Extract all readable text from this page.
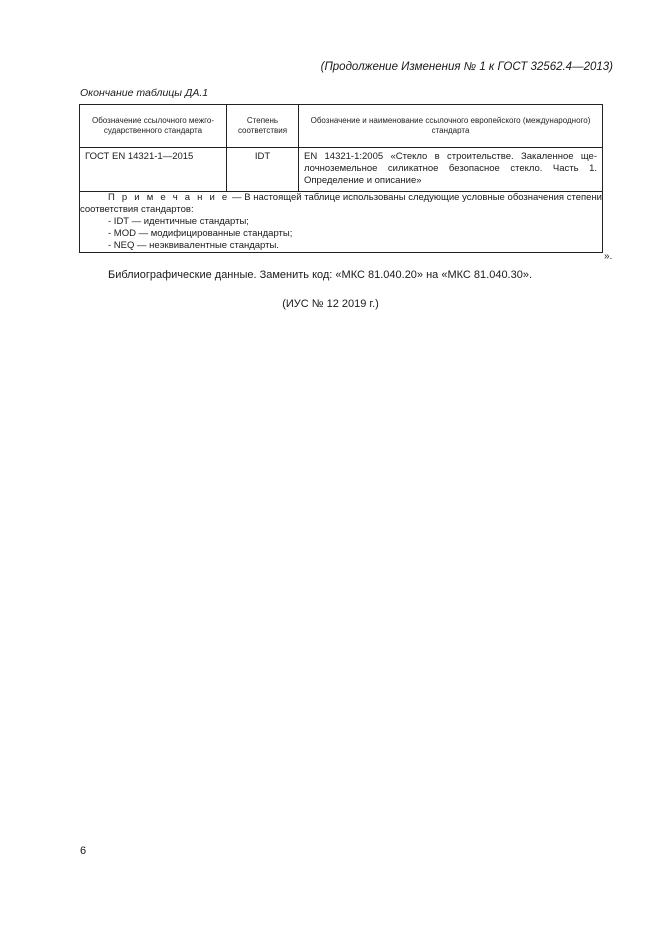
(Продолжение Изменения № 1 к ГОСТ 32562.4—2013)
Окончание таблицы ДА.1
Обозначение ссылочного межго-сударственного стандарта	Степень соответствия	Обозначение и наименование ссылочного европейского (международного) стандарта
ГОСТ EN 14321-1—2015	IDT	EN 14321-1:2005 «Стекло в строительстве. Закаленное ще-лочноземельное силикатное безопасное стекло. Часть 1. Определение и описание»

П р и м е ч а н и е — В настоящей таблице использованы следующие условные обозначения степени соответствия стандартов:
- IDT — идентичные стандарты;
- MOD — модифицированные стандарты;
- NEQ — неэквивалентные стандарты.		
».
Библиографические данные. Заменить код: «МКС 81.040.20» на «МКС 81.040.30».
(ИУС № 12 2019 г.)
6
